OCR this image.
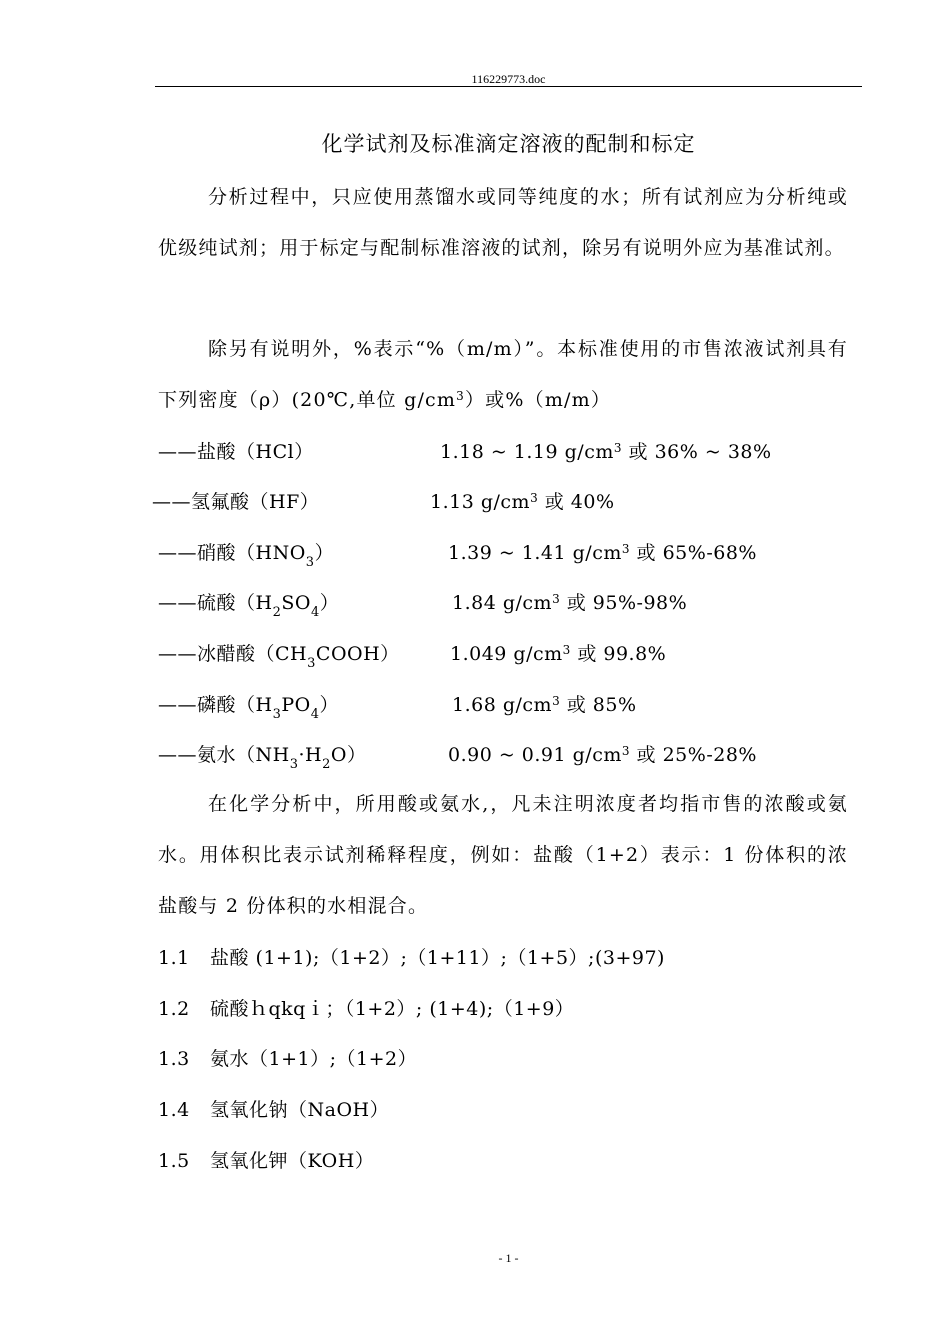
116229773.doc
化学试剂及标准滴定溶液的配制和标定

分析过程中，只应使用蒸馏水或同等纯度的水；所有试剂应为分析纯或优级纯试剂；用于标定与配制标准溶液的试剂，除另有说明外应为基准试剂。

除另有说明外，%表示“%（m/m）”。本标准使用的市售浓液试剂具有下列密度（ρ）(20℃,单位 $g/cm^3$）或%（m/m）

——盐酸（HCl）	1.18 ~ 1.19 $g/cm^3$ 或 36% ~ 38%
——氢氟酸（HF）	1.13 $g/cm^3$ 或 40%
——硝酸$(HNO_3)$	1.39 ~ 1.41 $g/cm^3$ 或 65%-68%
——硫酸$(H_2SO_4)$	1.84 $g/cm^3$ 或 95%-98%
——冰醋酸$(CH_3COOH)$	1.049 $g/cm^3$ 或 99.8%
——磷酸$(H_3PO_4)$	1.68 $g/cm^3$ 或 85%
——氨水$(NH_3\cdot H_2O)$	0.90 ~ 0.91 $g/cm^3$ 或 25%-28%

在化学分析中，所用酸或氨水,，凡未注明浓度者均指市售的浓酸或氨水。用体积比表示试剂稀释程度，例如：盐酸（1+2）表示：1 份体积的浓盐酸与 2 份体积的水相混合。

1.1 盐酸 (1+1);（1+2）;（1+11）;（1+5）;(3+97)
1.2 硫酸ｈqkqｉ；（1+2）; (1+4);（1+9）
1.3 氨水（1+1）;（1+2）
1.4 氢氧化钠（NaOH）
1.5 氢氧化钾（KOH）
- 1 -
